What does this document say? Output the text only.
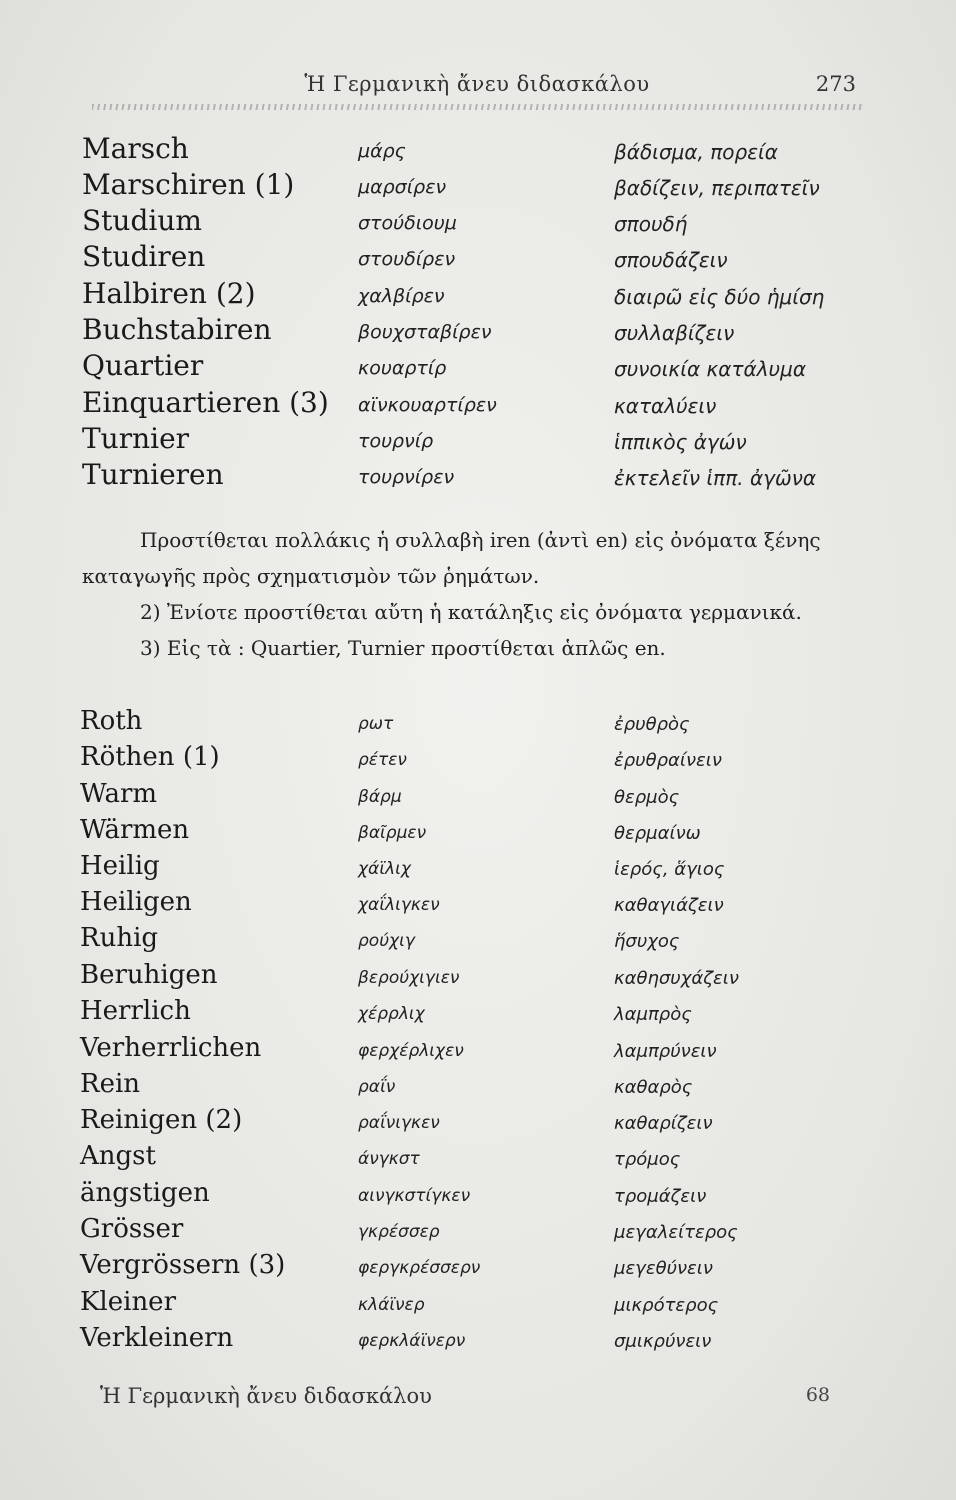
Ἡ Γερμανικὴ ἄνευ διδασκάλου	273
Marsch	μάρς	βάδισμα, πορεία
Marschiren (1)	μαρσίρεν	βαδίζειν, περιπατεῖν
Studium	στούδιουμ	σπουδή
Studiren	στουδίρεν	σπουδάζειν
Halbiren (2)	χαλβίρεν	διαιρῶ εἰς δύο ἡμίση
Buchstabiren	βουχσταβίρεν	συλλαβίζειν
Quartier	κουαρτίρ	συνοικία κατάλυμα
Einquartieren (3) αϊνκουαρτίρεν	καταλύειν
Turnier	τουρνίρ	ἱππικὸς ἀγών
Turnieren	τουρνίρεν	ἐκτελεῖν ἱππ. ἀγῶνα

Προστίθεται πολλάκις ἡ συλλαβὴ iren (ἀντὶ en) εἰς ὀνόματα ξένης καταγωγῆς πρὸς σχηματισμὸν τῶν ῥημάτων.

2) Ἐνίοτε προστίθεται αὔτη ἡ κατάληξις εἰς ὀνόματα γερμανικά.

3) Εἰς τὰ : Quartier, Turnier προστίθεται ἁπλῶς en.

Roth	ρωτ	ἐρυθρὸς
Röthen (1)	ρέτεν	ἐρυθραίνειν
Warm	βάρμ	θερμὸς
Wärmen	βαῖρμεν	θερμαίνω
Heilig	χάϊλιχ	ἱερός, ἅγιος
Heiligen	χαΐλιγκεν	καθαγιάζειν
Ruhig	ρούχιγ	ἥσυχος
Beruhigen	βερούχιγιεν	καθησυχάζειν
Herrlich	χέρρλιχ	λαμπρὸς
Verherrlichen	φερχέρλιχεν	λαμπρύνειν
Rein	ραΐν	καθαρὸς
Reinigen (2)	ραΐνιγκεν	καθαρίζειν
Angst	άνγκστ	τρόμος
ängstigen	αινγκστίγκεν	τρομάζειν
Grösser	γκρέσσερ	μεγαλείτερος
Vergrössern (3)	φεργκρέσσερν	μεγεθύνειν
Kleiner	κλάϊνερ	μικρότερος
Verkleinern	φερκλάϊνερν	σμικρύνειν
Ἡ Γερμανικὴ ἄνευ διδασκάλου	68
